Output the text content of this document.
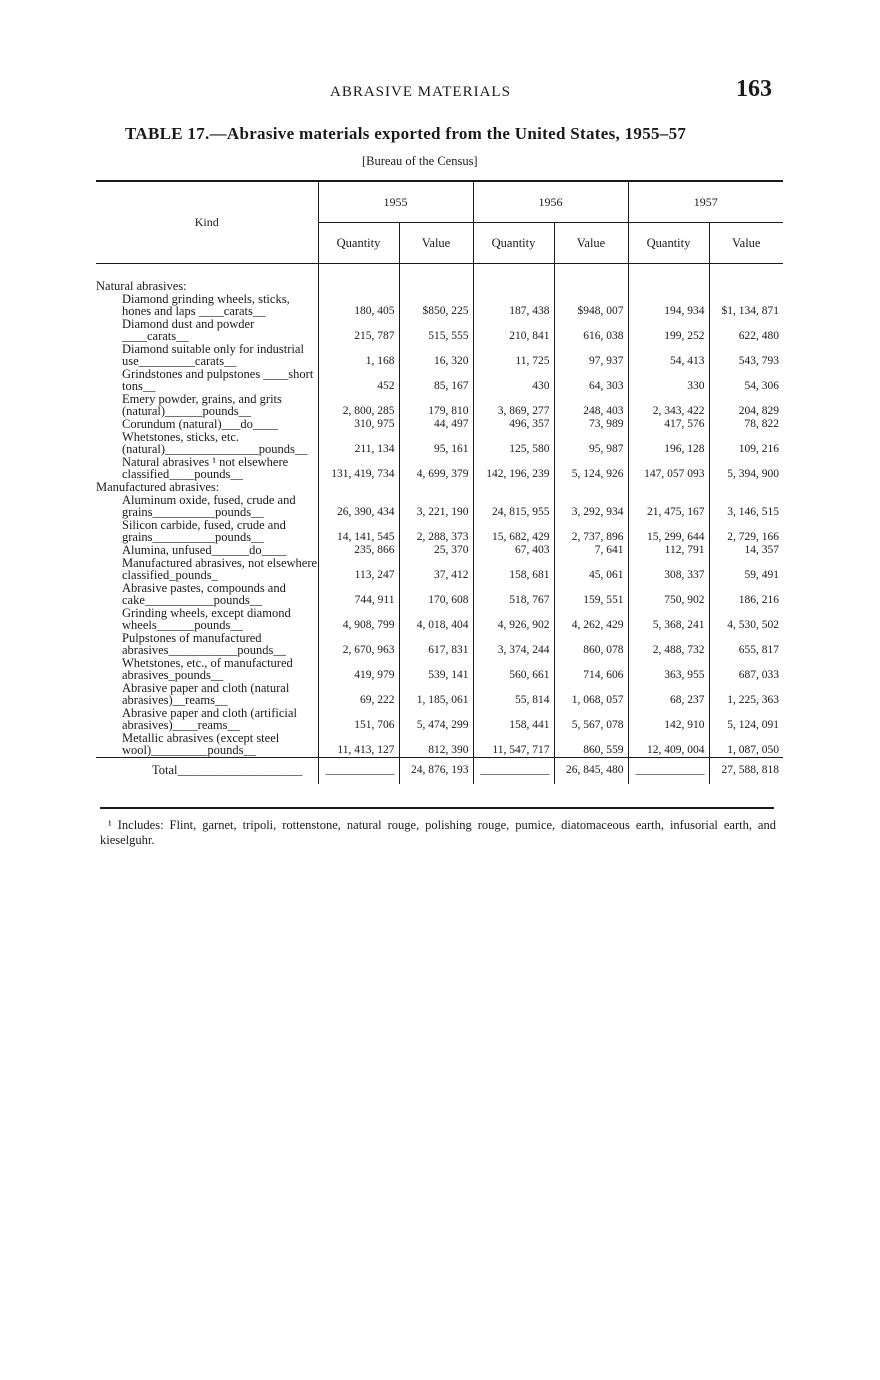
ABRASIVE MATERIALS	163
TABLE 17.—Abrasive materials exported from the United States, 1955–57
[Bureau of the Census]
Kind	1955		1956		1957	
	Quantity	Value	Quantity	Value	Quantity	Value
Natural abrasives:						
Diamond grinding wheels, sticks, hones and laps ____carats__	180, 405	$850, 225	187, 438	$948, 007	194, 934	$1, 134, 871
Diamond dust and powder ____carats__	215, 787	515, 555	210, 841	616, 038	199, 252	622, 480
Diamond suitable only for industrial use_________carats__	1, 168	16, 320	11, 725	97, 937	54, 413	543, 793
Grindstones and pulpstones ____short tons__	452	85, 167	430	64, 303	330	54, 306
Emery powder, grains, and grits (natural)______pounds__	2, 800, 285	179, 810	3, 869, 277	248, 403	2, 343, 422	204, 829
Corundum (natural)___do____	310, 975	44, 497	496, 357	73, 989	417, 576	78, 822
Whetstones, sticks, etc. (natural)_______________pounds__	211, 134	95, 161	125, 580	95, 987	196, 128	109, 216
Natural abrasives ¹ not elsewhere classified____pounds__	131, 419, 734	4, 699, 379	142, 196, 239	5, 124, 926	147, 057 093	5, 394, 900
Manufactured abrasives:						
Aluminum oxide, fused, crude and grains__________pounds__	26, 390, 434	3, 221, 190	24, 815, 955	3, 292, 934	21, 475, 167	3, 146, 515
Silicon carbide, fused, crude and grains__________pounds__	14, 141, 545	2, 288, 373	15, 682, 429	2, 737, 896	15, 299, 644	2, 729, 166
Alumina, unfused______do____	235, 866	25, 370	67, 403	7, 641	112, 791	14, 357
Manufactured abrasives, not elsewhere classified_pounds_	113, 247	37, 412	158, 681	45, 061	308, 337	59, 491
Abrasive pastes, compounds and cake___________pounds__	744, 911	170, 608	518, 767	159, 551	750, 902	186, 216
Grinding wheels, except diamond wheels______pounds__	4, 908, 799	4, 018, 404	4, 926, 902	4, 262, 429	5, 368, 241	4, 530, 502
Pulpstones of manufactured abrasives___________pounds__	2, 670, 963	617, 831	3, 374, 244	860, 078	2, 488, 732	655, 817
Whetstones, etc., of manufactured abrasives_pounds__	419, 979	539, 141	560, 661	714, 606	363, 955	687, 033
Abrasive paper and cloth (natural abrasives)__reams__	69, 222	1, 185, 061	55, 814	1, 068, 057	68, 237	1, 225, 363
Abrasive paper and cloth (artificial abrasives)____reams__	151, 706	5, 474, 299	158, 441	5, 567, 078	142, 910	5, 124, 091
Metallic abrasives (except steel wool)_________pounds__	11, 413, 127	812, 390	11, 547, 717	860, 559	12, 409, 004	1, 087, 050
Total____________________	____________	24, 876, 193	____________	26, 845, 480	____________	27, 588, 818
¹ Includes: Flint, garnet, tripoli, rottenstone, natural rouge, polishing rouge, pumice, diatomaceous earth, infusorial earth, and kieselguhr.
